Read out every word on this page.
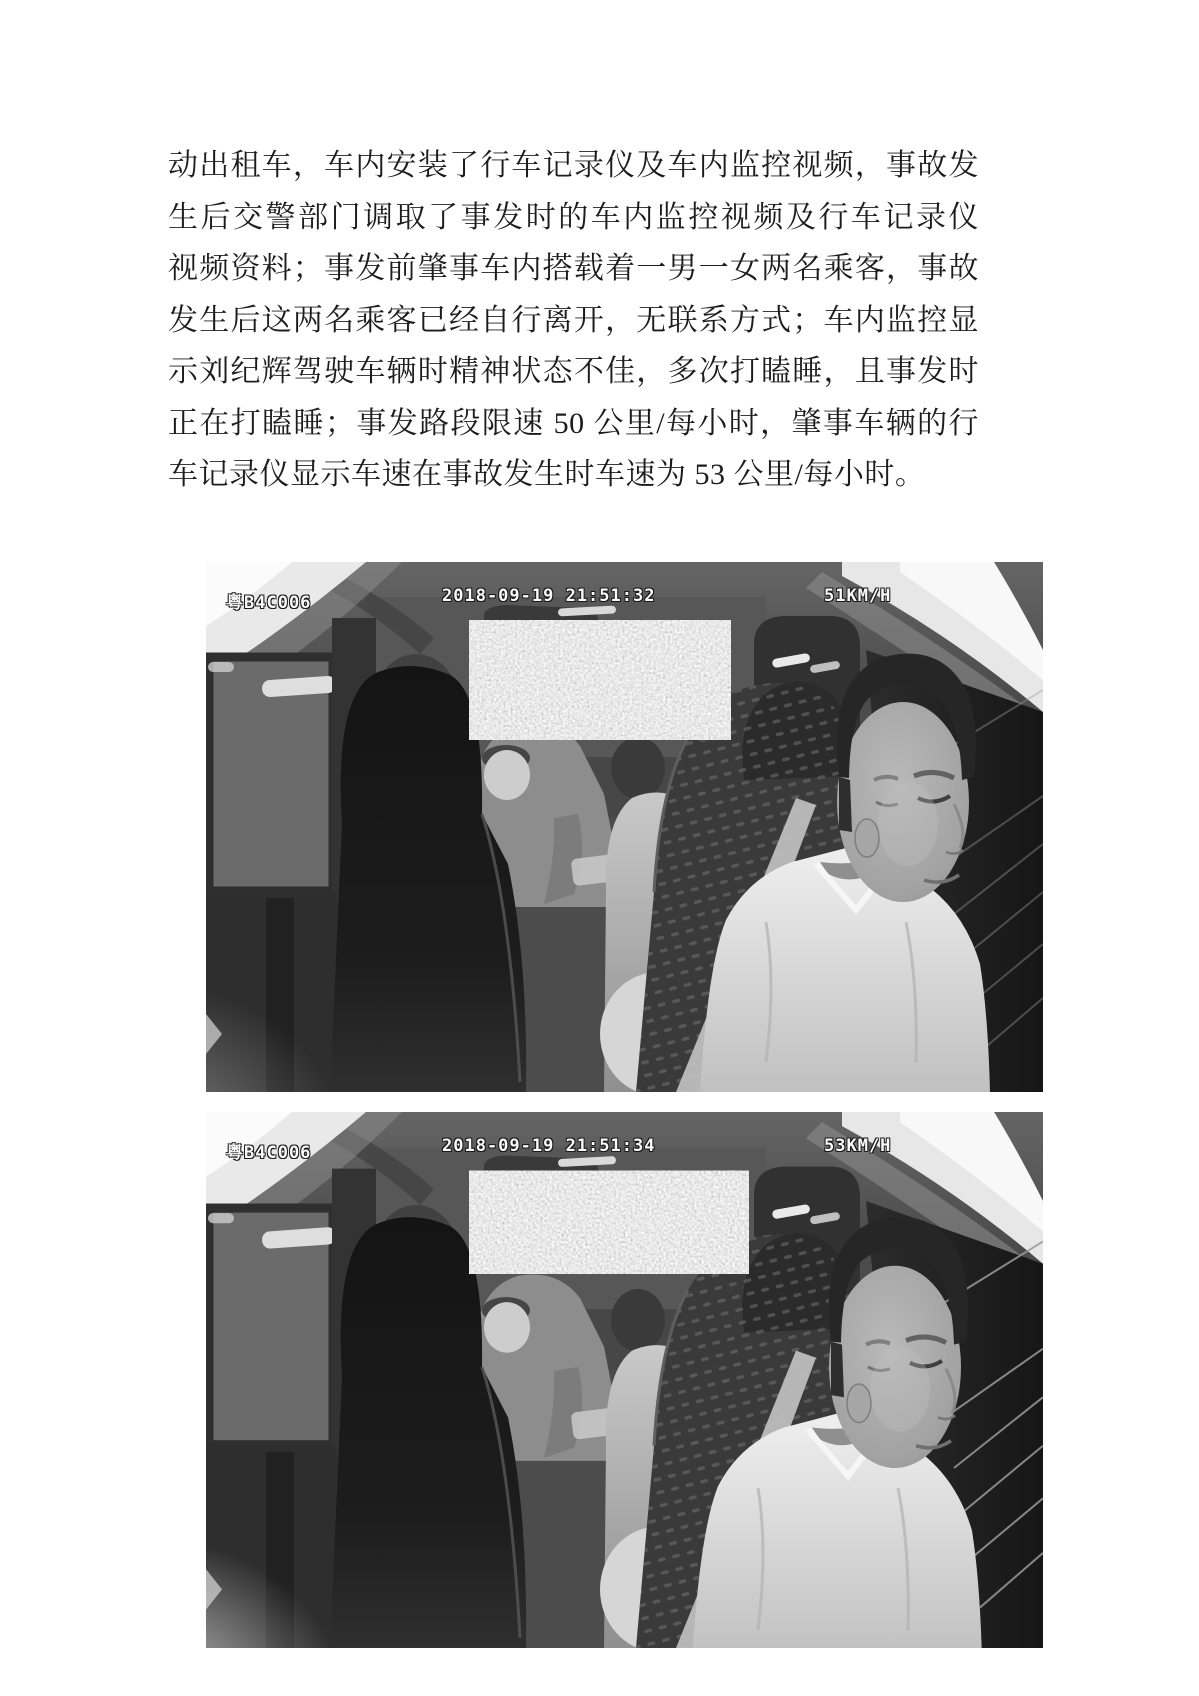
动出租车，车内安装了行车记录仪及车内监控视频，事故发
生后交警部门调取了事发时的车内监控视频及行车记录仪
视频资料；事发前肇事车内搭载着一男一女两名乘客，事故
发生后这两名乘客已经自行离开，无联系方式；车内监控显
示刘纪辉驾驶车辆时精神状态不佳，多次打瞌睡，且事发时
正在打瞌睡；事发路段限速 50 公里/每小时，肇事车辆的行
车记录仪显示车速在事故发生时车速为 53 公里/每小时。
粤B4C006	2018-09-19 21:51:32	51KM/H
粤B4C006	2018-09-19 21:51:34	53KM/H
